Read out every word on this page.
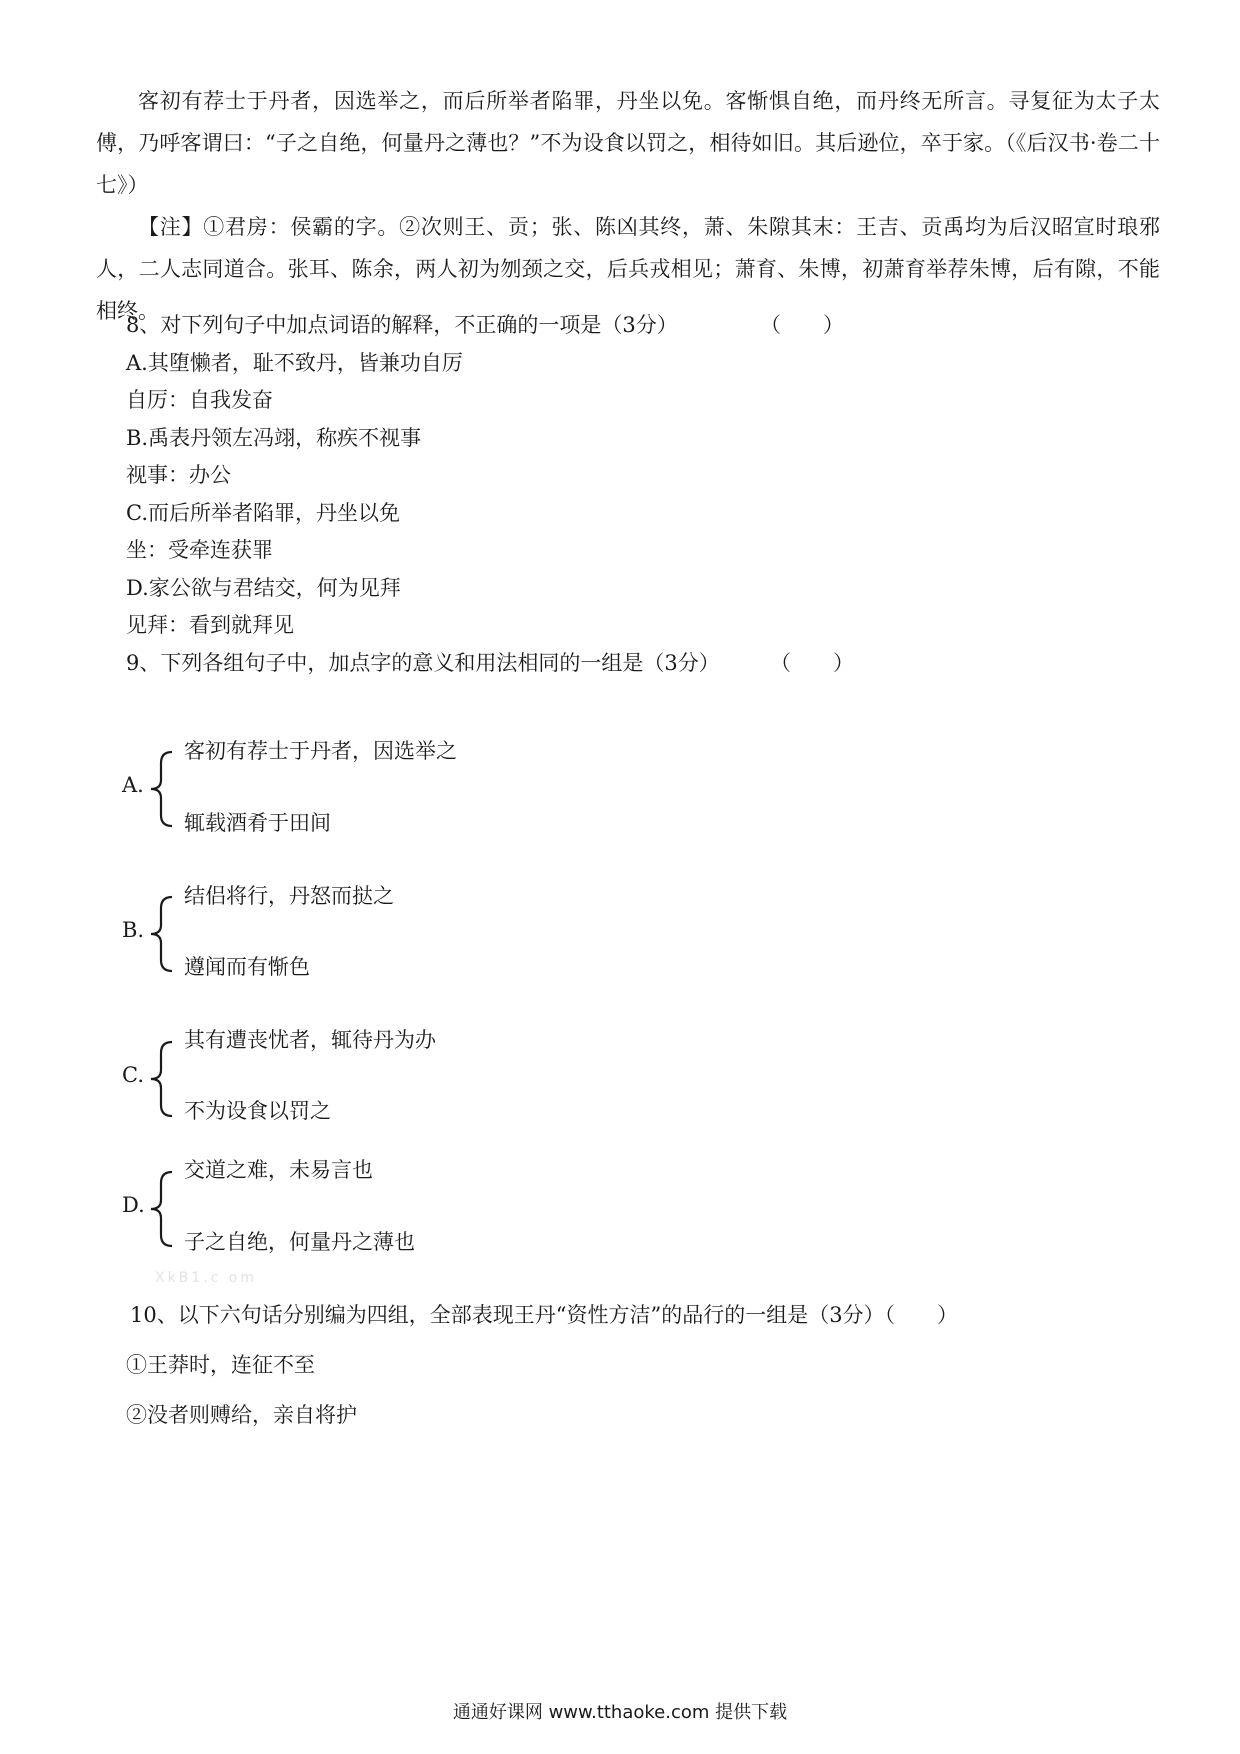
客初有荐士于丹者，因选举之，而后所举者陷罪，丹坐以免。客惭惧自绝，而丹终无所言。寻复征为太子太傅，乃呼客谓曰：“子之自绝，何量丹之薄也？”不为设食以罚之，相待如旧。其后逊位，卒于家。（《后汉书·卷二十七》）

【注】①君房：侯霸的字。②次则王、贡；张、陈凶其终，萧、朱隙其末：王吉、贡禹均为后汉昭宣时琅邪人，二人志同道合。张耳、陈余，两人初为刎颈之交，后兵戎相见；萧育、朱博，初萧育举荐朱博，后有隙，不能相终。

8、对下列句子中加点词语的解释，不正确的一项是（3分）	（　　）
A.其堕懒者，耻不致丹，皆兼功自厉
自厉：自我发奋
B.禹表丹领左冯翊，称疾不视事
视事：办公
C.而后所举者陷罪，丹坐以免
坐：受牵连获罪
D.家公欲与君结交，何为见拜
见拜：看到就拜见
9、下列各组句子中，加点字的意义和用法相同的一组是（3分） （　　）
A.
客初有荐士于丹者，因选举之
辄载酒肴于田间
B.
结侣将行，丹怒而挞之
遵闻而有惭色
C.
其有遭丧忧者，辄待丹为办
不为设食以罚之
XkB1.c om
D.
交道之难，未易言也
子之自绝，何量丹之薄也
10、以下六句话分别编为四组，全部表现王丹“资性方洁”的品行的一组是（3分）（　　）
①王莽时，连征不至
②没者则赙给，亲自将护
通通好课网 www.tthaoke.com 提供下载
